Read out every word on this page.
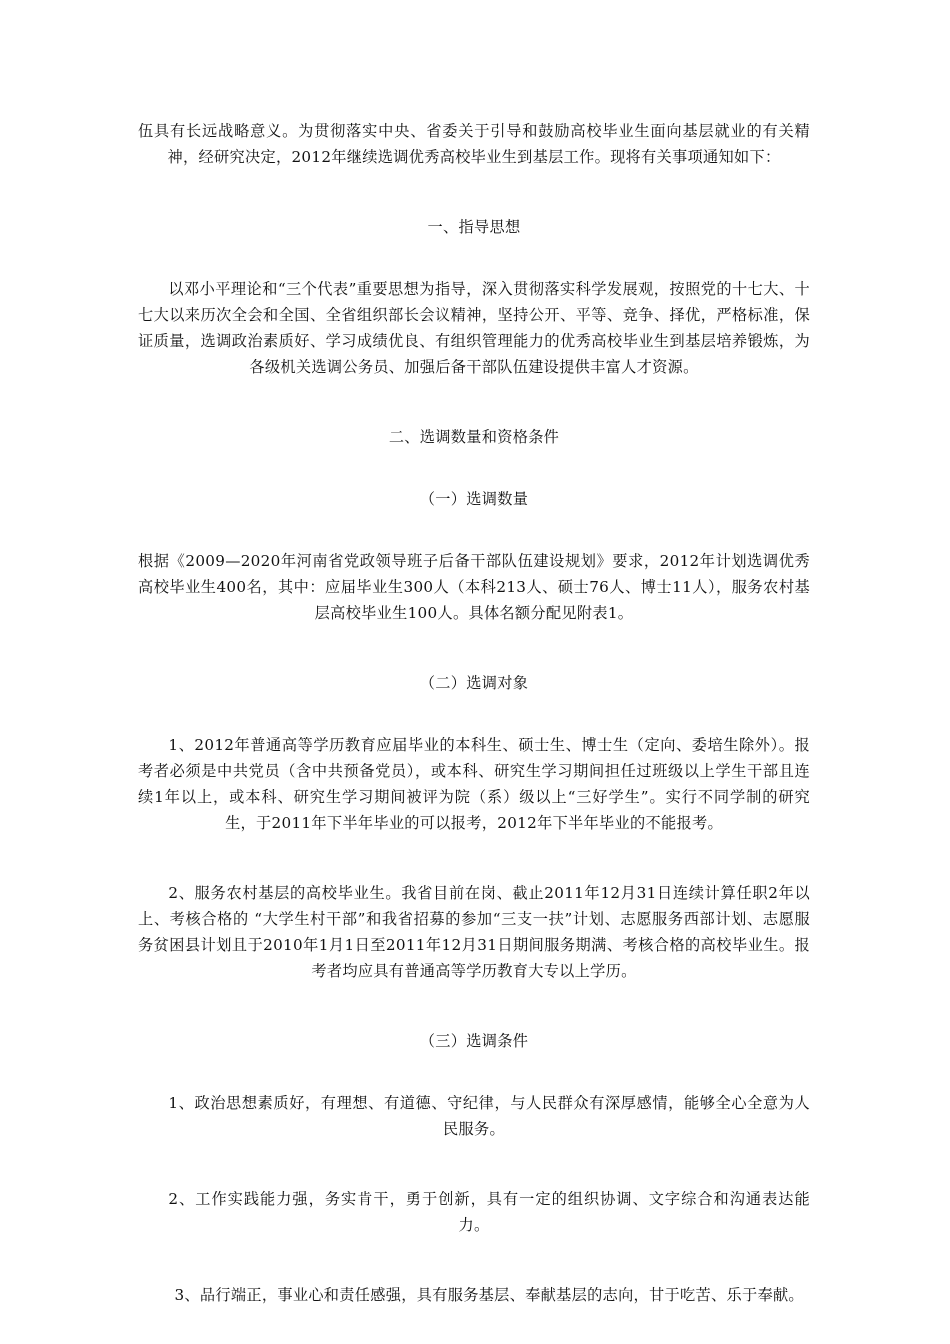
伍具有长远战略意义。为贯彻落实中央、省委关于引导和鼓励高校毕业生面向基层就业的有关精神，经研究决定，2012年继续选调优秀高校毕业生到基层工作。现将有关事项通知如下：

一、指导思想

以邓小平理论和“三个代表”重要思想为指导，深入贯彻落实科学发展观，按照党的十七大、十七大以来历次全会和全国、全省组织部长会议精神，坚持公开、平等、竞争、择优，严格标准，保证质量，选调政治素质好、学习成绩优良、有组织管理能力的优秀高校毕业生到基层培养锻炼，为各级机关选调公务员、加强后备干部队伍建设提供丰富人才资源。

二、选调数量和资格条件

（一）选调数量

根据《2009—2020年河南省党政领导班子后备干部队伍建设规划》要求，2012年计划选调优秀高校毕业生400名，其中：应届毕业生300人（本科213人、硕士76人、博士11人），服务农村基层高校毕业生100人。具体名额分配见附表1。

（二）选调对象

1、2012年普通高等学历教育应届毕业的本科生、硕士生、博士生（定向、委培生除外）。报考者必须是中共党员（含中共预备党员），或本科、研究生学习期间担任过班级以上学生干部且连续1年以上，或本科、研究生学习期间被评为院（系）级以上“三好学生”。实行不同学制的研究生，于2011年下半年毕业的可以报考，2012年下半年毕业的不能报考。

2、服务农村基层的高校毕业生。我省目前在岗、截止2011年12月31日连续计算任职2年以上、考核合格的 “大学生村干部”和我省招募的参加“三支一扶”计划、志愿服务西部计划、志愿服务贫困县计划且于2010年1月1日至2011年12月31日期间服务期满、考核合格的高校毕业生。报考者均应具有普通高等学历教育大专以上学历。

（三）选调条件

1、政治思想素质好，有理想、有道德、守纪律，与人民群众有深厚感情，能够全心全意为人民服务。

2、工作实践能力强，务实肯干，勇于创新，具有一定的组织协调、文字综合和沟通表达能力。

3、品行端正，事业心和责任感强，具有服务基层、奉献基层的志向，甘于吃苦、乐于奉献。
